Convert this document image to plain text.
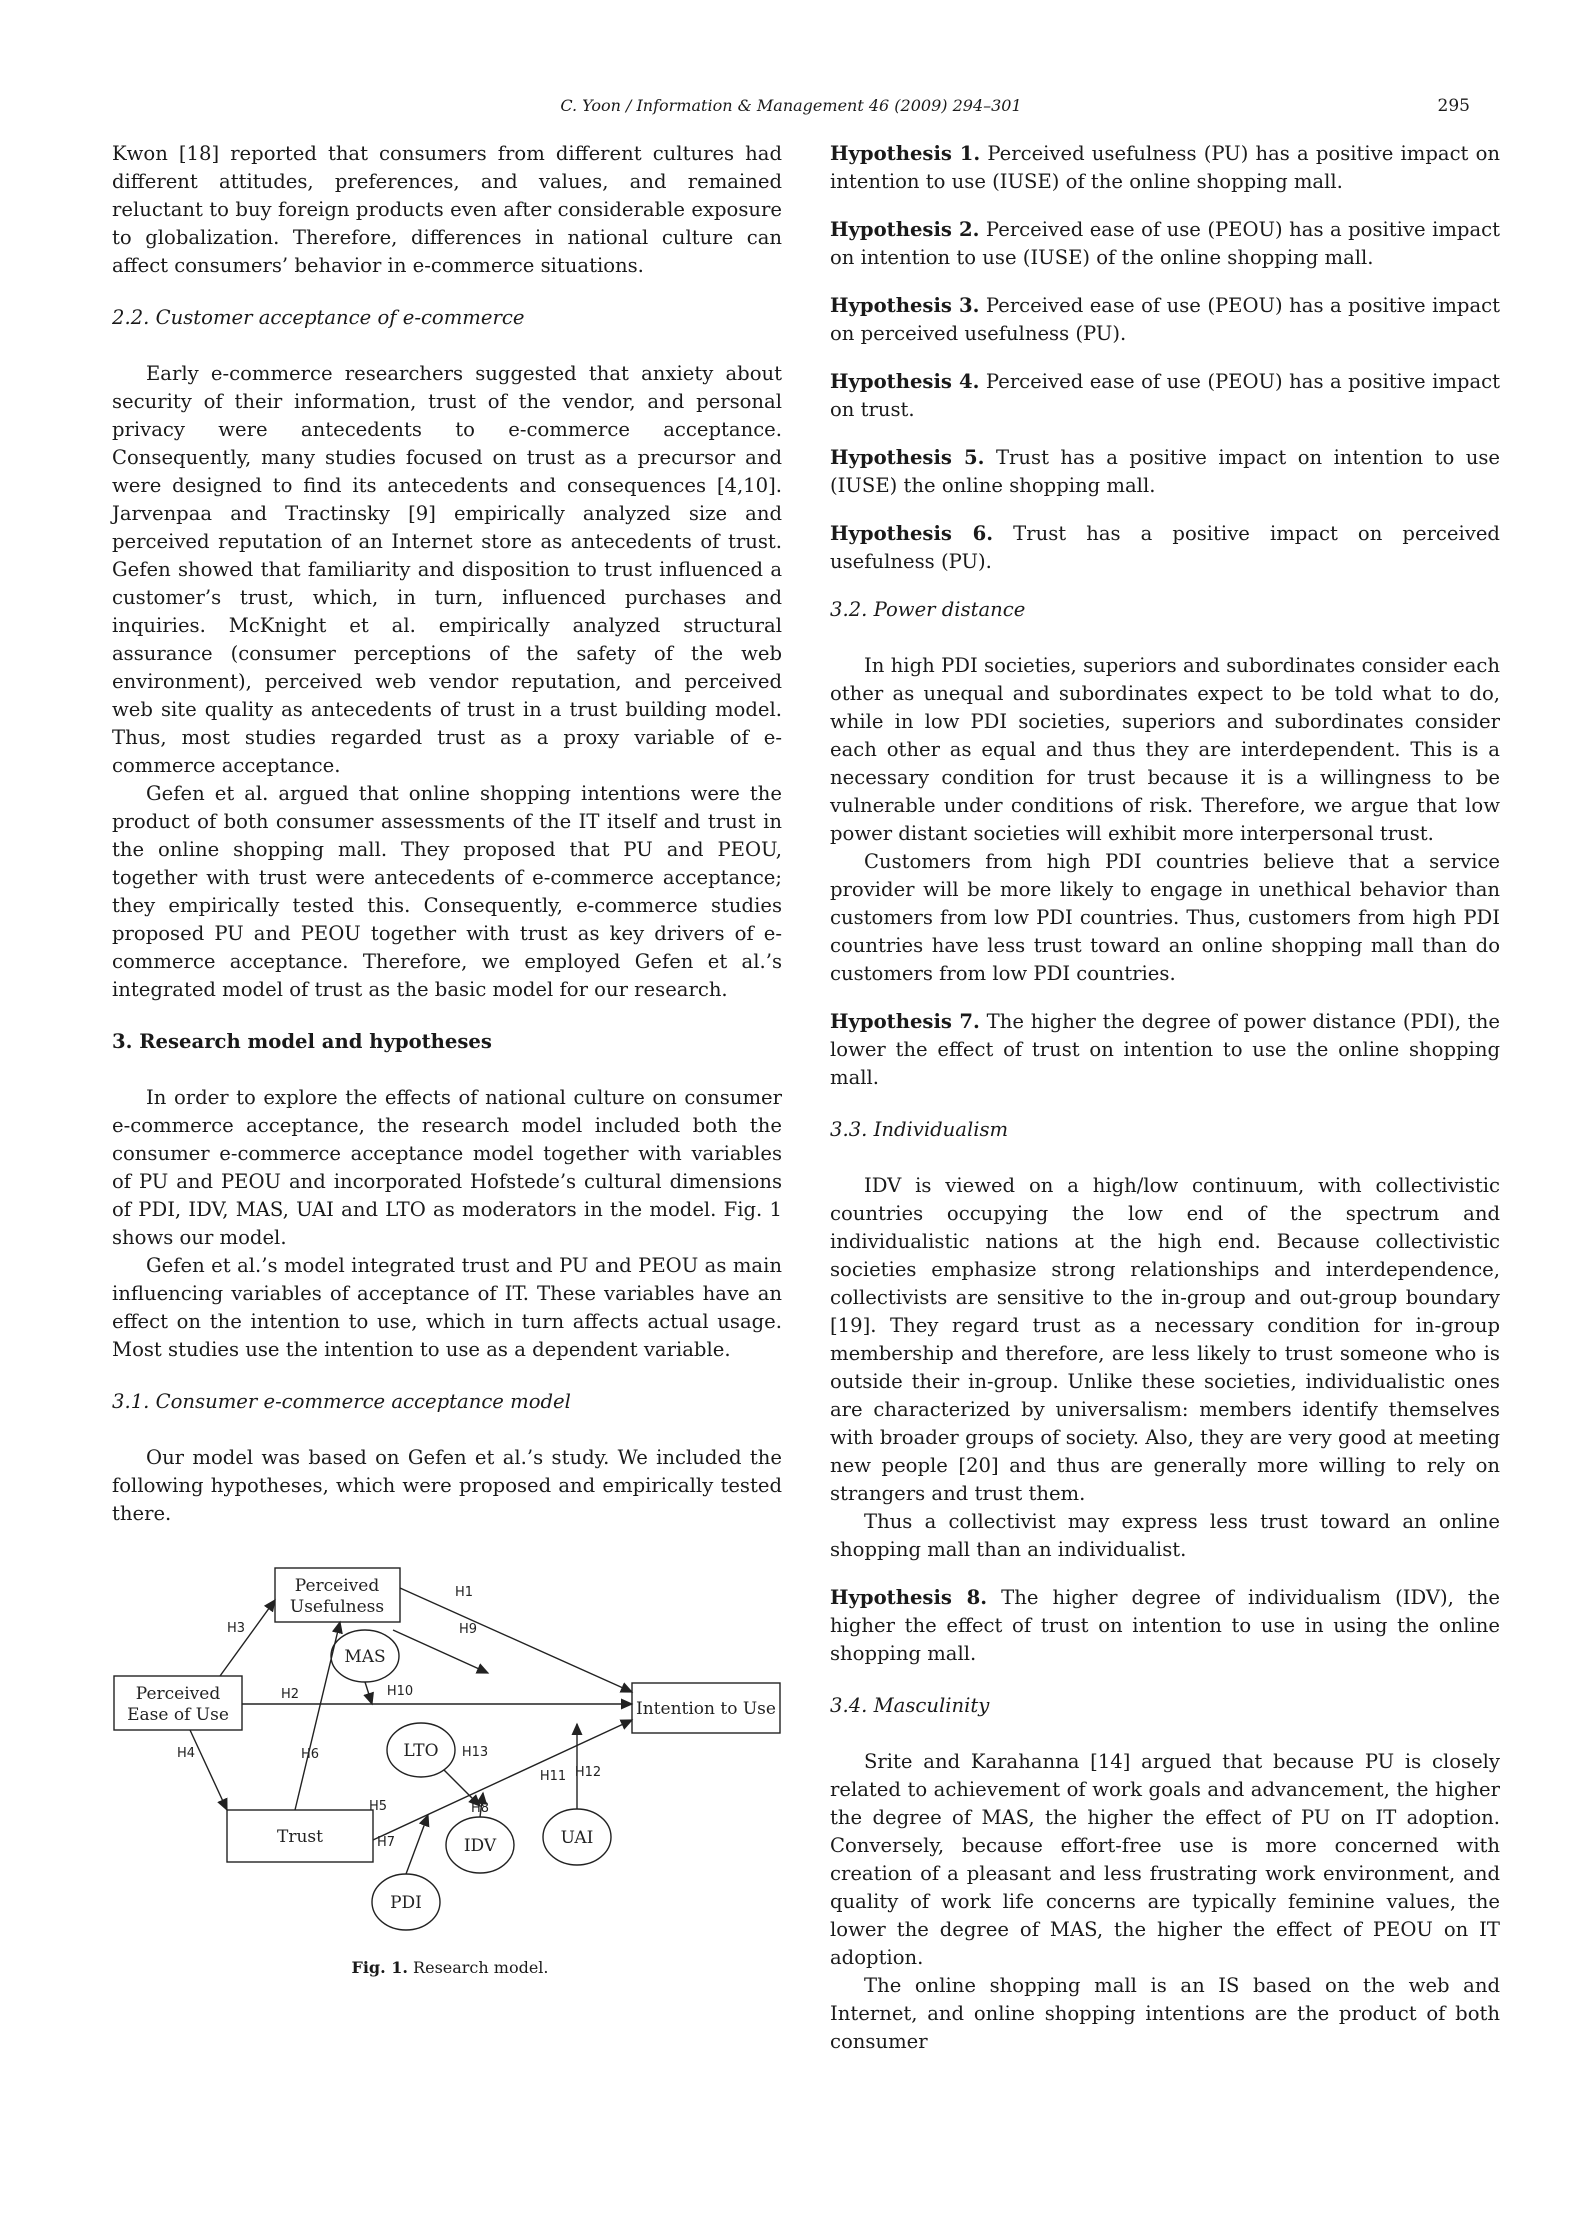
C. Yoon / Information & Management 46 (2009) 294–301	295

Kwon [18] reported that consumers from different cultures had different attitudes, preferences, and values, and remained reluctant to buy foreign products even after considerable exposure to globalization. Therefore, differences in national culture can affect consumers’ behavior in e-commerce situations.

2.2. Customer acceptance of e-commerce

Early e-commerce researchers suggested that anxiety about security of their information, trust of the vendor, and personal privacy were antecedents to e-commerce acceptance. Consequently, many studies focused on trust as a precursor and were designed to find its antecedents and consequences [4,10]. Jarvenpaa and Tractinsky [9] empirically analyzed size and perceived reputation of an Internet store as antecedents of trust. Gefen showed that familiarity and disposition to trust influenced a customer’s trust, which, in turn, influenced purchases and inquiries. McKnight et al. empirically analyzed structural assurance (consumer perceptions of the safety of the web environment), perceived web vendor reputation, and perceived web site quality as antecedents of trust in a trust building model. Thus, most studies regarded trust as a proxy variable of e-commerce acceptance.

Gefen et al. argued that online shopping intentions were the product of both consumer assessments of the IT itself and trust in the online shopping mall. They proposed that PU and PEOU, together with trust were antecedents of e-commerce acceptance; they empirically tested this. Consequently, e-commerce studies proposed PU and PEOU together with trust as key drivers of e-commerce acceptance. Therefore, we employed Gefen et al.’s integrated model of trust as the basic model for our research.

3. Research model and hypotheses

In order to explore the effects of national culture on consumer e-commerce acceptance, the research model included both the consumer e-commerce acceptance model together with variables of PU and PEOU and incorporated Hofstede’s cultural dimensions of PDI, IDV, MAS, UAI and LTO as moderators in the model. Fig. 1 shows our model.

Gefen et al.’s model integrated trust and PU and PEOU as main influencing variables of acceptance of IT. These variables have an effect on the intention to use, which in turn affects actual usage. Most studies use the intention to use as a dependent variable.

3.1. Consumer e-commerce acceptance model

Our model was based on Gefen et al.’s study. We included the following hypotheses, which were proposed and empirically tested there.

Perceived
Usefulness
Perceived
Ease of Use
Trust
Intention to Use
MAS
LTO
IDV	UAI
PDI
H3
H2
H4	H6
H1
H9
H10
H13
H5	H8
H7
H11 H12
Fig. 1. Research model.

Hypothesis 1. Perceived usefulness (PU) has a positive impact on intention to use (IUSE) of the online shopping mall.

Hypothesis 2. Perceived ease of use (PEOU) has a positive impact on intention to use (IUSE) of the online shopping mall.

Hypothesis 3. Perceived ease of use (PEOU) has a positive impact on perceived usefulness (PU).

Hypothesis 4. Perceived ease of use (PEOU) has a positive impact on trust.

Hypothesis 5. Trust has a positive impact on intention to use (IUSE) the online shopping mall.

Hypothesis 6. Trust has a positive impact on perceived usefulness (PU).

3.2. Power distance

In high PDI societies, superiors and subordinates consider each other as unequal and subordinates expect to be told what to do, while in low PDI societies, superiors and subordinates consider each other as equal and thus they are interdependent. This is a necessary condition for trust because it is a willingness to be vulnerable under conditions of risk. Therefore, we argue that low power distant societies will exhibit more interpersonal trust.

Customers from high PDI countries believe that a service provider will be more likely to engage in unethical behavior than customers from low PDI countries. Thus, customers from high PDI countries have less trust toward an online shopping mall than do customers from low PDI countries.

Hypothesis 7. The higher the degree of power distance (PDI), the lower the effect of trust on intention to use the online shopping mall.

3.3. Individualism

IDV is viewed on a high/low continuum, with collectivistic countries occupying the low end of the spectrum and individualistic nations at the high end. Because collectivistic societies emphasize strong relationships and interdependence, collectivists are sensitive to the in-group and out-group boundary [19]. They regard trust as a necessary condition for in-group membership and therefore, are less likely to trust someone who is outside their in-group. Unlike these societies, individualistic ones are characterized by universalism: members identify themselves with broader groups of society. Also, they are very good at meeting new people [20] and thus are generally more willing to rely on strangers and trust them.

Thus a collectivist may express less trust toward an online shopping mall than an individualist.

Hypothesis 8. The higher degree of individualism (IDV), the higher the effect of trust on intention to use in using the online shopping mall.

3.4. Masculinity

Srite and Karahanna [14] argued that because PU is closely related to achievement of work goals and advancement, the higher the degree of MAS, the higher the effect of PU on IT adoption. Conversely, because effort-free use is more concerned with creation of a pleasant and less frustrating work environment, and quality of work life concerns are typically feminine values, the lower the degree of MAS, the higher the effect of PEOU on IT adoption.

The online shopping mall is an IS based on the web and Internet, and online shopping intentions are the product of both consumer
